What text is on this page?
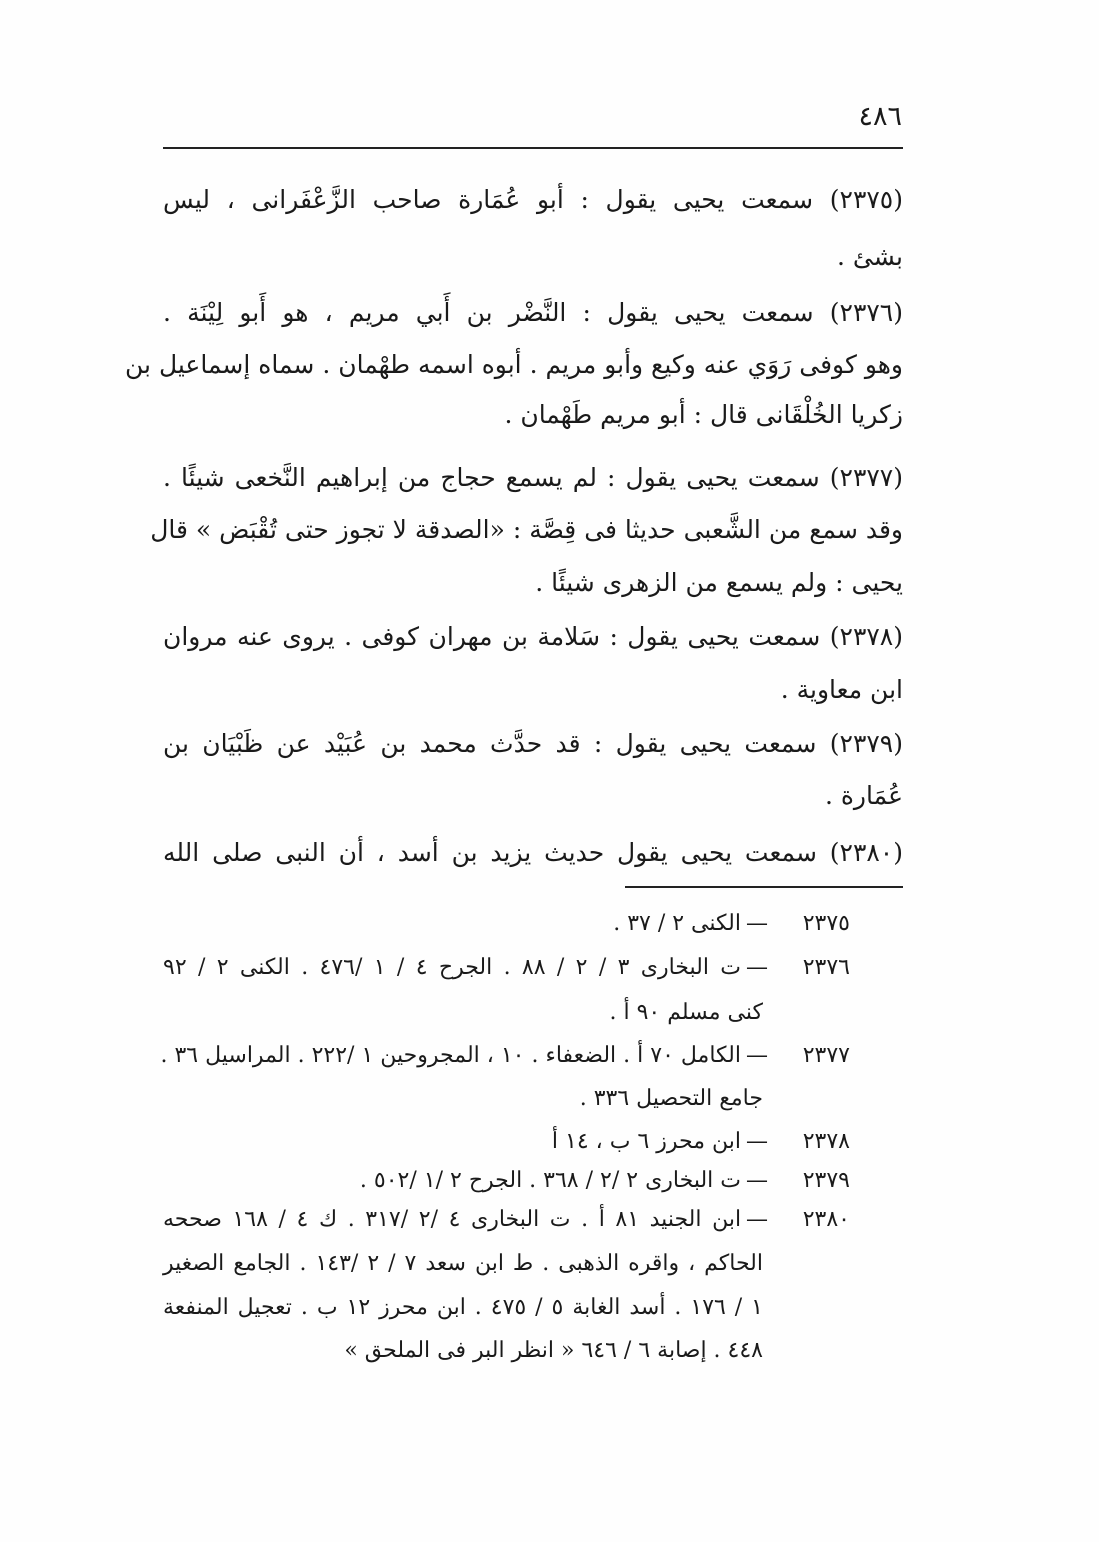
٤٨٦
(٢٣٧٥) سمعت يحيى يقول : أبو عُمَارة صاحب الزَّعْفَرانى ، ليس
بشئ .
(٢٣٧٦) سمعت يحيى يقول : النَّضْر بن أَبي مريم ، هو أَبو لِيْنَة .
وهو كوفى رَوَي عنه وكيع وأبو مريم . أبوه اسمه طهْمان . سماه إسماعيل بن
زكريا الخُلْقَانى قال : أبو مريم طَهْمان .
(٢٣٧٧) سمعت يحيى يقول : لم يسمع حجاج من إبراهيم النَّخعى شيئًا .
وقد سمع من الشَّعبى حديثا فى قِصَّة : «الصدقة لا تجوز حتى تُقْبَض » قال
يحيى : ولم يسمع من الزهرى شيئًا .
(٢٣٧٨) سمعت يحيى يقول : سَلامة بن مهران كوفى . يروى عنه مروان
ابن معاوية .
(٢٣٧٩) سمعت يحيى يقول : قد حدَّث محمد بن عُبَيْد عن ظَبْيَان بن
عُمَارة .
(٢٣٨٠) سمعت يحيى يقول حديث يزيد بن أسد ، أن النبى صلى الله
٢٣٧٥
—
الكنى ٢ / ٣٧ .
٢٣٧٦
—
ت البخارى ٣ / ٢ / ٨٨ . الجرح ٤ / ١ /٤٧٦ . الكنى ٢ / ٩٢
كنى مسلم ٩٠ أ .
٢٣٧٧
—
الكامل ٧٠ أ . الضعفاء . ١٠ ، المجروحين ١ /٢٢٢ . المراسيل ٣٦ .
جامع التحصيل ٣٣٦ .
٢٣٧٨
—
ابن محرز ٦ ب ، ١٤ أ
٢٣٧٩
—
ت البخارى ٢ /٢ / ٣٦٨ . الجرح ٢ /١ /٥٠٢ .
٢٣٨٠
—
ابن الجنيد ٨١ أ . ت البخارى ٤ /٢ /٣١٧ . ك ٤ / ١٦٨ صححه
الحاكم ، واقره الذهبى . ط ابن سعد ٧ / ٢ /١٤٣ . الجامع الصغير
١ / ١٧٦ . أسد الغابة ٥ / ٤٧٥ . ابن محرز ١٢ ب . تعجيل المنفعة
٤٤٨ . إصابة ٦ / ٦٤٦ « انظر البر فى الملحق »
